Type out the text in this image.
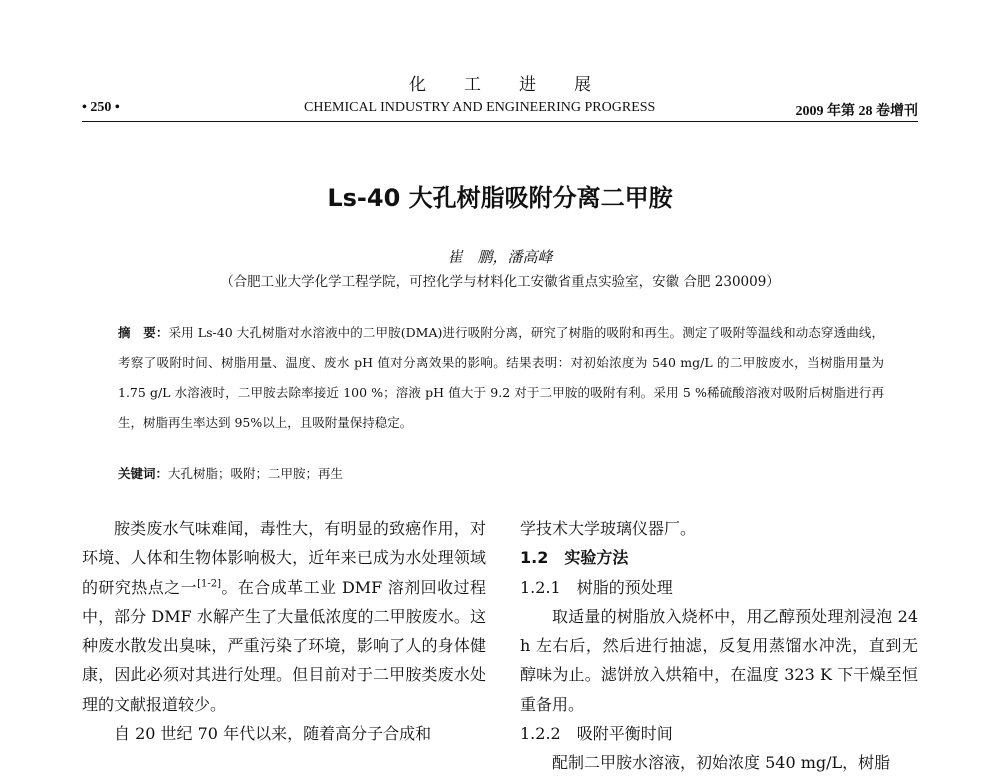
化工进展
• 250 •	CHEMICAL INDUSTRY AND ENGINEERING PROGRESS	2009 年第 28 卷增刊
Ls-40 大孔树脂吸附分离二甲胺
崔　鹏，潘高峰
（合肥工业大学化学工程学院，可控化学与材料化工安徽省重点实验室，安徽 合肥 230009）
摘　要：采用 Ls-40 大孔树脂对水溶液中的二甲胺(DMA)进行吸附分离，研究了树脂的吸附和再生。测定了吸附等温线和动态穿透曲线，考察了吸附时间、树脂用量、温度、废水 pH 值对分离效果的影响。结果表明：对初始浓度为 540 mg/L 的二甲胺废水，当树脂用量为 1.75 g/L 水溶液时，二甲胺去除率接近 100 %；溶液 pH 值大于 9.2 对于二甲胺的吸附有利。采用 5 %稀硫酸溶液对吸附后树脂进行再生，树脂再生率达到 95%以上，且吸附量保持稳定。
关键词：大孔树脂；吸附；二甲胺；再生

胺类废水气味难闻，毒性大，有明显的致癌作用，对环境、人体和生物体影响极大，近年来已成为水处理领域的研究热点之一[1-2]。在合成革工业 DMF 溶剂回收过程中，部分 DMF 水解产生了大量低浓度的二甲胺废水。这种废水散发出臭味，严重污染了环境，影响了人的身体健康，因此必须对其进行处理。但目前对于二甲胺类废水处理的文献报道较少。

自 20 世纪 70 年代以来，随着高分子合成和

学技术大学玻璃仪器厂。

1.2　实验方法

1.2.1　树脂的预处理

取适量的树脂放入烧杯中，用乙醇预处理剂浸泡 24 h 左右后，然后进行抽滤，反复用蒸馏水冲洗，直到无醇味为止。滤饼放入烘箱中，在温度 323 K 下干燥至恒重备用。

1.2.2　吸附平衡时间

配制二甲胺水溶液，初始浓度 540 mg/L，树脂
